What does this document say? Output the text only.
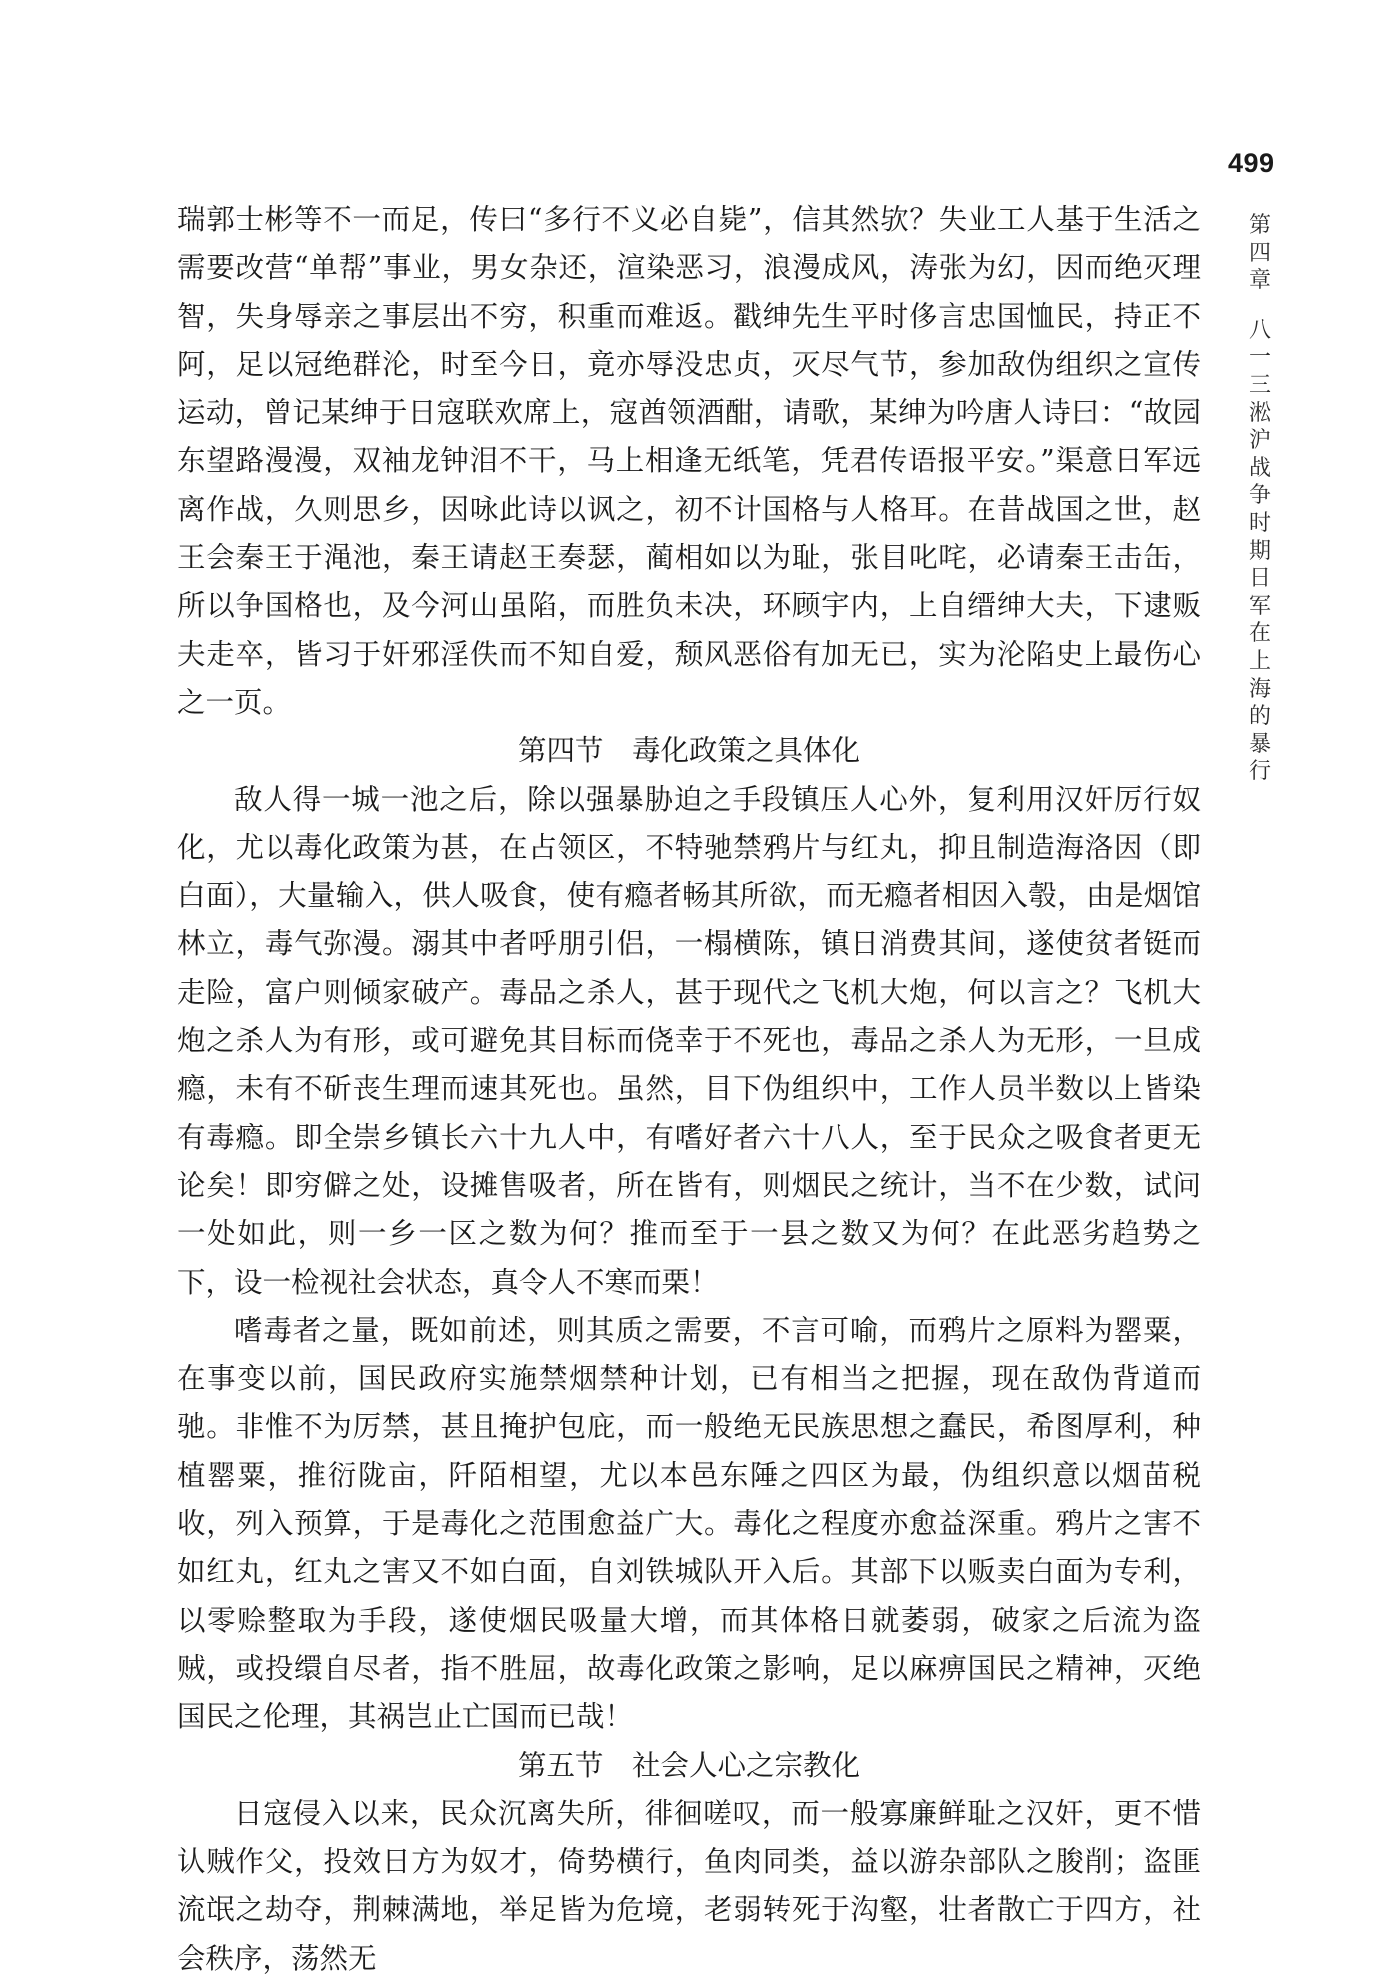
499
第四章
八一三淞沪战争时期日军在上海的暴行

瑞郭士彬等不一而足，传曰“多行不义必自毙”，信其然欤？失业工人基于生活之需要改营“单帮”事业，男女杂还，渲染恶习，浪漫成风，涛张为幻，因而绝灭理智，失身辱亲之事层出不穷，积重而难返。戳绅先生平时侈言忠国恤民，持正不阿，足以冠绝群沦，时至今日，竟亦辱没忠贞，灭尽气节，参加敌伪组织之宣传运动，曾记某绅于日寇联欢席上，寇酋领酒酣，请歌，某绅为吟唐人诗曰：“故园东望路漫漫，双袖龙钟泪不干，马上相逢无纸笔，凭君传语报平安。”渠意日军远离作战，久则思乡，因咏此诗以讽之，初不计国格与人格耳。在昔战国之世，赵王会秦王于渑池，秦王请赵王奏瑟，蔺相如以为耻，张目叱咤，必请秦王击缶，所以争国格也，及今河山虽陷，而胜负未决，环顾宇内，上自缙绅大夫，下逮贩夫走卒，皆习于奸邪淫佚而不知自爱，颓风恶俗有加无已，实为沦陷史上最伤心之一页。

第四节　毒化政策之具体化

敌人得一城一池之后，除以强暴胁迫之手段镇压人心外，复利用汉奸厉行奴化，尤以毒化政策为甚，在占领区，不特驰禁鸦片与红丸，抑且制造海洛因（即白面），大量输入，供人吸食，使有瘾者畅其所欲，而无瘾者相因入彀，由是烟馆林立，毒气弥漫。溺其中者呼朋引侣，一榻横陈，镇日消费其间，遂使贫者铤而走险，富户则倾家破产。毒品之杀人，甚于现代之飞机大炮，何以言之？飞机大炮之杀人为有形，或可避免其目标而侥幸于不死也，毒品之杀人为无形，一旦成瘾，未有不斫丧生理而速其死也。虽然，目下伪组织中，工作人员半数以上皆染有毒瘾。即全崇乡镇长六十九人中，有嗜好者六十八人，至于民众之吸食者更无论矣！即穷僻之处，设摊售吸者，所在皆有，则烟民之统计，当不在少数，试问一处如此，则一乡一区之数为何？推而至于一县之数又为何？在此恶劣趋势之下，设一检视社会状态，真令人不寒而栗！

嗜毒者之量，既如前述，则其质之需要，不言可喻，而鸦片之原料为罂粟，在事变以前，国民政府实施禁烟禁种计划，已有相当之把握，现在敌伪背道而驰。非惟不为厉禁，甚且掩护包庇，而一般绝无民族思想之蠢民，希图厚利，种植罂粟，推衍陇亩，阡陌相望，尤以本邑东陲之四区为最，伪组织意以烟苗税收，列入预算，于是毒化之范围愈益广大。毒化之程度亦愈益深重。鸦片之害不如红丸，红丸之害又不如白面，自刘铁城队开入后。其部下以贩卖白面为专利，以零赊整取为手段，遂使烟民吸量大增，而其体格日就萎弱，破家之后流为盗贼，或投缳自尽者，指不胜屈，故毒化政策之影响，足以麻痹国民之精神，灭绝国民之伦理，其祸岂止亡国而已哉！

第五节　社会人心之宗教化

日寇侵入以来，民众沉离失所，徘徊嗟叹，而一般寡廉鲜耻之汉奸，更不惜认贼作父，投效日方为奴才，倚势横行，鱼肉同类，益以游杂部队之朘削；盗匪流氓之劫夺，荆棘满地，举足皆为危境，老弱转死于沟壑，壮者散亡于四方，社会秩序，荡然无
